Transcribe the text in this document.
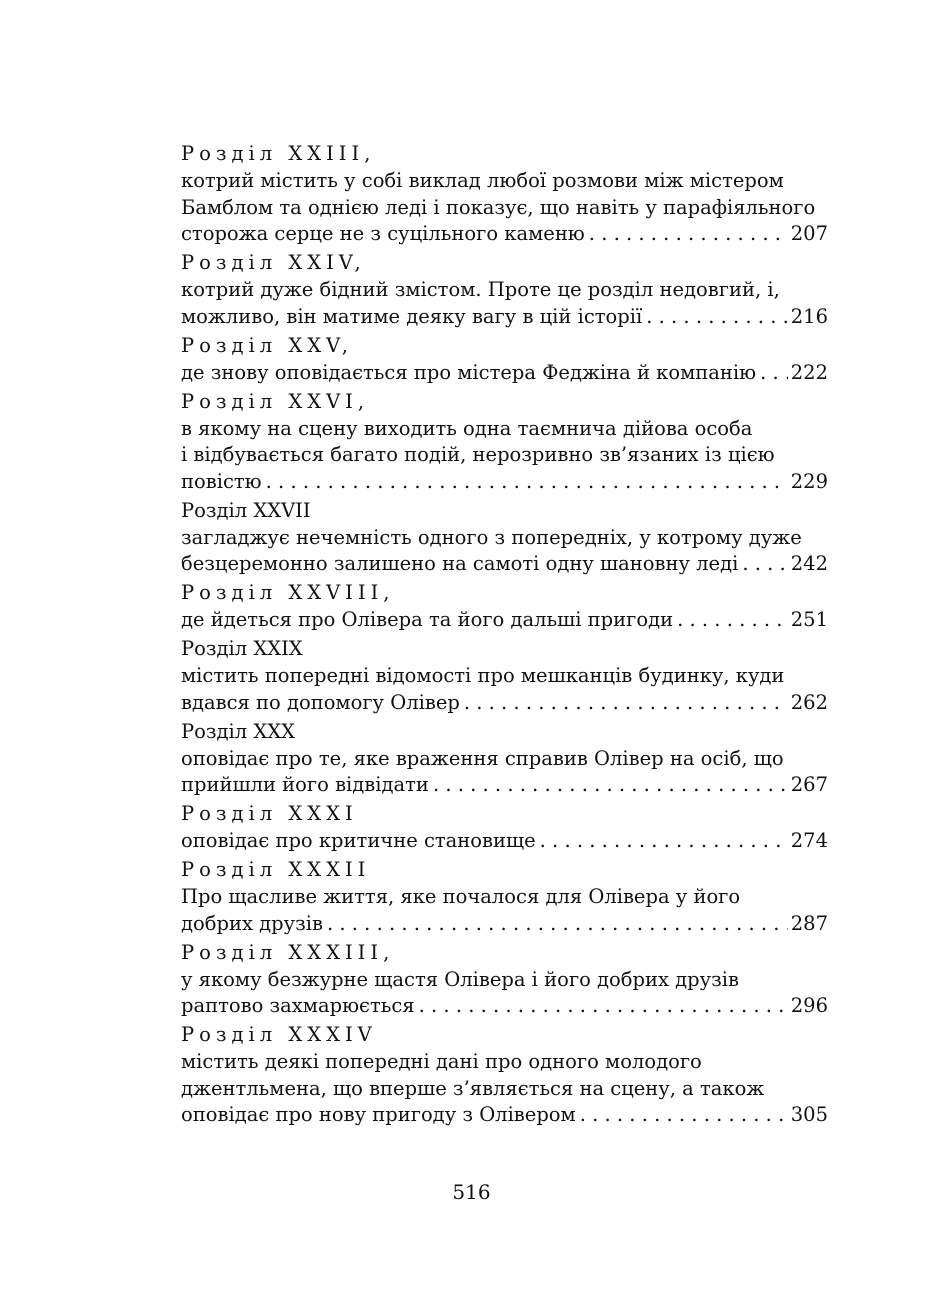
Розділ XXIII,
котрий містить у собі виклад любої розмови між містером
Бамблом та однією леді і показує, що навіть у парафіяльного
сторожа серце не з суцільного каменю . . .	207
Розділ XXIV,
котрий дуже бідний змістом. Проте це розділ недовгий, і,
можливо, він матиме деяку вагу в цій історії . . .	216
Розділ XXV,
де знову оповідається про містера Феджіна й компанію . . . 222
Розділ XXVI,
в якому на сцену виходить одна таємнича дійова особа
і відбувається багато подій, нерозривно зв’язаних із цією
повістю . . .	229
Розділ XXVII
загладжує нечемність одного з попередніх, у котрому дуже
безцеремонно залишено на самоті одну шановну леді . . .	242
Розділ XXVIII,
де йдеться про Олівера та його дальші пригоди . . .	251
Розділ XXIX
містить попередні відомості про мешканців будинку, куди
вдався по допомогу Олівер . . .	262
Розділ XXX
оповідає про те, яке враження справив Олівер на осіб, що
прийшли його відвідати . . .	267
Розділ XXXI
оповідає про критичне становище . . .	274
Розділ XXXII
Про щасливе життя, яке почалося для Олівера у його
добрих друзів . . .	287
Розділ XXXIII,
у якому безжурне щастя Олівера і його добрих друзів
раптово захмарюється . . .	296
Розділ XXXIV
містить деякі попередні дані про одного молодого
джентльмена, що вперше з’являється на сцену, а також
оповідає про нову пригоду з Олівером . . .	305
516
